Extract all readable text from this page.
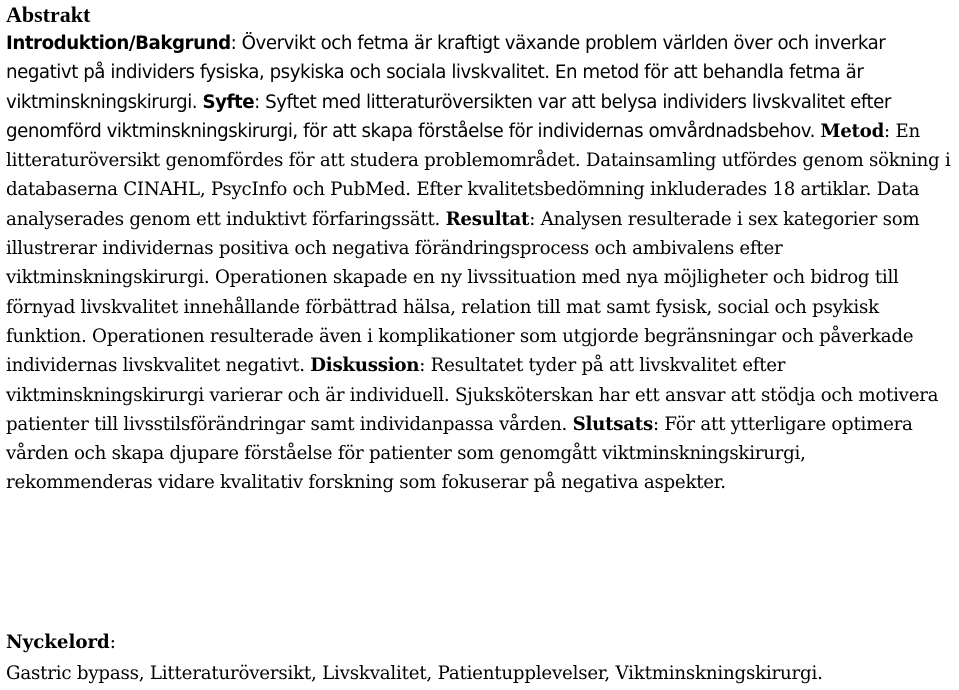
Abstrakt

Introduktion/Bakgrund: Övervikt och fetma är kraftigt växande problem världen över och inverkar negativt på individers fysiska, psykiska och sociala livskvalitet. En metod för att behandla fetma är viktminskningskirurgi. Syfte: Syftet med litteraturöversikten var att belysa individers livskvalitet efter genomförd viktminskningskirurgi, för att skapa förståelse för individernas omvårdnadsbehov. Metod: En litteraturöversikt genomfördes för att studera problemområdet. Datainsamling utfördes genom sökning i databaserna CINAHL, PsycInfo och PubMed. Efter kvalitetsbedömning inkluderades 18 artiklar. Data analyserades genom ett induktivt förfaringssätt. Resultat: Analysen resulterade i sex kategorier som illustrerar individernas positiva och negativa förändringsprocess och ambivalens efter viktminskningskirurgi. Operationen skapade en ny livssituation med nya möjligheter och bidrog till förnyad livskvalitet innehållande förbättrad hälsa, relation till mat samt fysisk, social och psykisk funktion. Operationen resulterade även i komplikationer som utgjorde begränsningar och påverkade individernas livskvalitet negativt. Diskussion: Resultatet tyder på att livskvalitet efter viktminskningskirurgi varierar och är individuell. Sjuksköterskan har ett ansvar att stödja och motivera patienter till livsstilsförändringar samt individanpassa vården. Slutsats: För att ytterligare optimera vården och skapa djupare förståelse för patienter som genomgått viktminskningskirurgi, rekommenderas vidare kvalitativ forskning som fokuserar på negativa aspekter.

Nyckelord:

Gastric bypass, Litteraturöversikt, Livskvalitet, Patientupplevelser, Viktminskningskirurgi.
